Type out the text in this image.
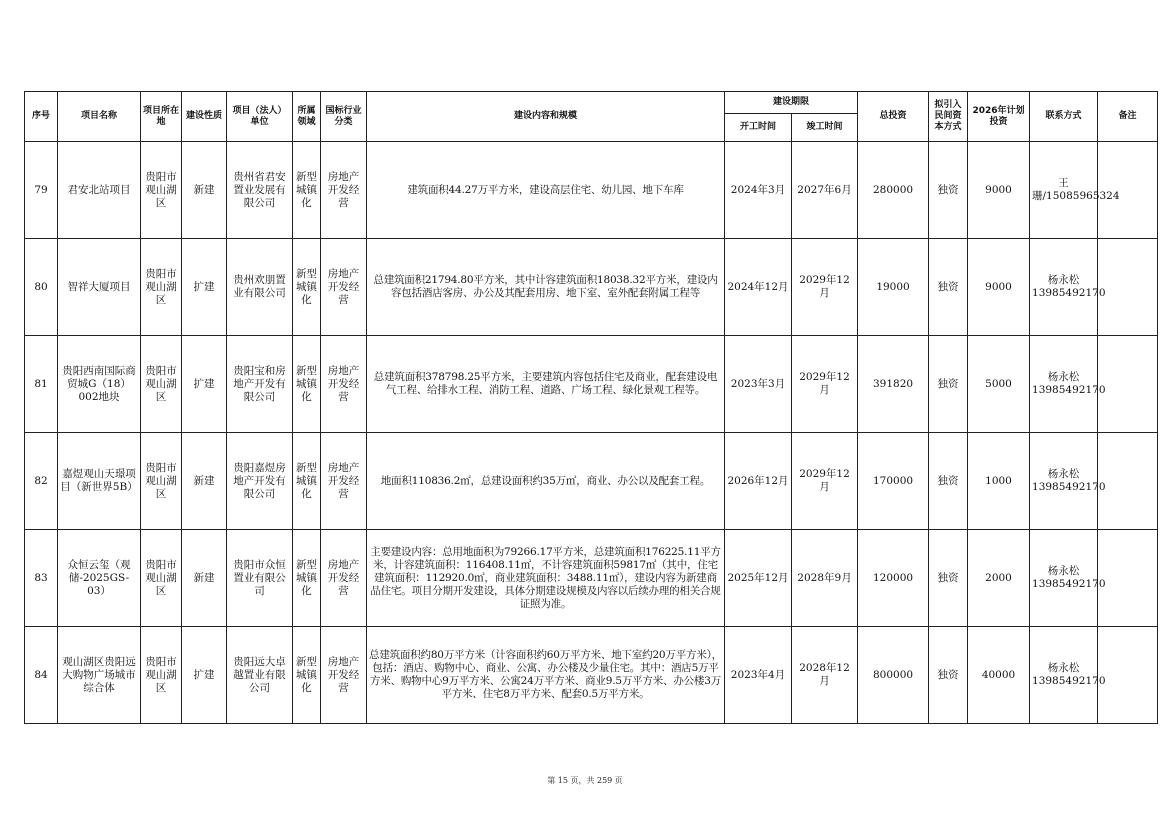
序号	项目名称	项目所在地	建设性质	项目（法人）单位	所属领域	国标行业分类	建设内容和规模	建设期限		总投资	拟引入民间资本方式	2026年计划投资	联系方式	备注
								开工时间	竣工时间					
79	君安北站项目	贵阳市观山湖区	新建	贵州省君安置业发展有限公司	新型城镇化	房地产开发经营	建筑面积44.27万平方米，建设高层住宅、幼儿园、地下车库	2024年3月	2027年6月	280000	独资	9000	王珊/15085965324	
80	智祥大厦项目	贵阳市观山湖区	扩建	贵州欢朋置业有限公司	新型城镇化	房地产开发经营	总建筑面积21794.80平方米，其中计容建筑面积18038.32平方米，建设内容包括酒店客房、办公及其配套用房、地下室、室外配套附属工程等	2024年12月	2029年12月	19000	独资	9000	杨永松13985492170	
81	贵阳西南国际商贸城G（18）002地块	贵阳市观山湖区	扩建	贵阳宝和房地产开发有限公司	新型城镇化	房地产开发经营	总建筑面积378798.25平方米，主要建筑内容包括住宅及商业，配套建设电气工程、给排水工程、消防工程、道路、广场工程、绿化景观工程等。	2023年3月	2029年12月	391820	独资	5000	杨永松13985492170	
82	嘉煜观山天璟项目（新世界5B）	贵阳市观山湖区	新建	贵阳嘉煜房地产开发有限公司	新型城镇化	房地产开发经营	地面积110836.2㎡，总建设面积约35万㎡，商业、办公以及配套工程。	2026年12月	2029年12月	170000	独资	1000	杨永松13985492170	
83	众恒云玺（观储-2025GS-03）	贵阳市观山湖区	新建	贵阳市众恒置业有限公司	新型城镇化	房地产开发经营	主要建设内容：总用地面积为79266.17平方米，总建筑面积176225.11平方米，计容建筑面积：116408.11㎡，不计容建筑面积59817㎡（其中，住宅建筑面积：112920.0㎡，商业建筑面积：3488.11㎡），建设内容为新建商品住宅。项目分期开发建设，具体分期建设规模及内容以后续办理的相关合规证照为准。	2025年12月	2028年9月	120000	独资	2000	杨永松13985492170	
84	观山湖区贵阳远大购物广场城市综合体	贵阳市观山湖区	扩建	贵阳远大卓越置业有限公司	新型城镇化	房地产开发经营	总建筑面积约80万平方米（计容面积约60万平方米、地下室约20万平方米），包括：酒店、购物中心、商业、公寓、办公楼及少量住宅。其中：酒店5万平方米、购物中心9万平方米、公寓24万平方米、商业9.5万平方米、办公楼3万平方米、住宅8万平方米、配套0.5万平方米。	2023年4月	2028年12月	800000	独资	40000	杨永松13985492170	
第 15 页，共 259 页
